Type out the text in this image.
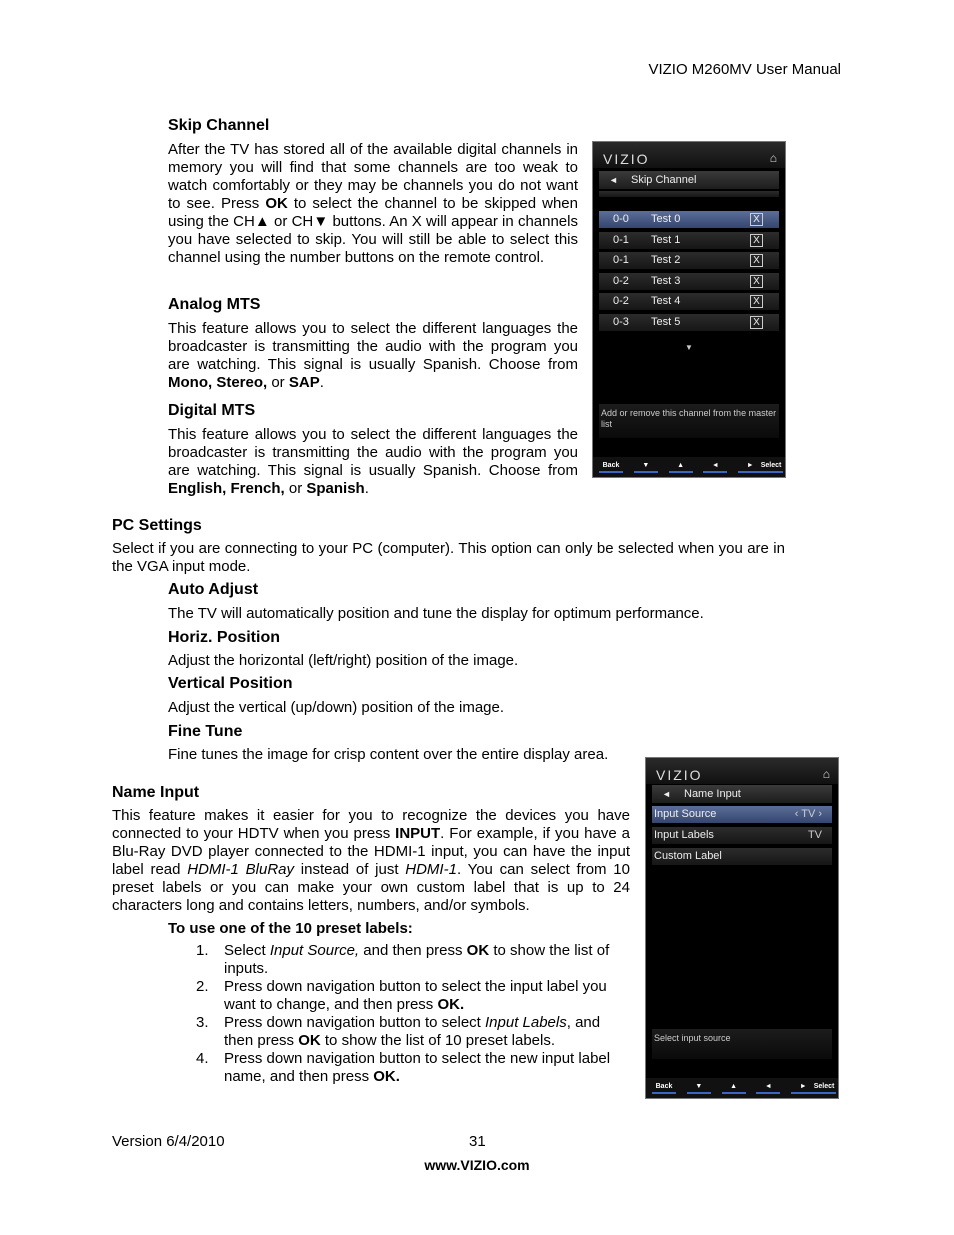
VIZIO M260MV User Manual
Skip Channel
After the TV has stored all of the available digital channels in memory you will find that some channels are too weak to watch comfortably or they may be channels you do not want to see. Press OK to select the channel to be skipped when using the CH▲ or CH▼ buttons. An X will appear in channels you have selected to skip. You will still be able to select this channel using the number buttons on the remote control.
Analog MTS
This feature allows you to select the different languages the broadcaster is transmitting the audio with the program you are watching. This signal is usually Spanish. Choose from Mono, Stereo, or SAP.
Digital MTS
This feature allows you to select the different languages the broadcaster is transmitting the audio with the program you are watching. This signal is usually Spanish. Choose from English, French, or Spanish.
VIZIO	⌂
◄ Skip Channel
0-0 Test 0	X
0-1 Test 1	X
0-1 Test 2	X
0-2 Test 3	X
0-2 Test 4	X
0-3 Test 5	X
▼
Add or remove this channel from the master list
Back	▼	▲	◄	►	Select
PC Settings
Select if you are connecting to your PC (computer). This option can only be selected when you are in the VGA input mode.
Auto Adjust
The TV will automatically position and tune the display for optimum performance.
Horiz. Position
Adjust the horizontal (left/right) position of the image.
Vertical Position
Adjust the vertical (up/down) position of the image.
Fine Tune
Fine tunes the image for crisp content over the entire display area.
Name Input
This feature makes it easier for you to recognize the devices you have connected to your HDTV when you press INPUT. For example, if you have a Blu-Ray DVD player connected to the HDMI-1 input, you can have the input label read HDMI-1 BluRay instead of just HDMI-1. You can select from 10 preset labels or you can make your own custom label that is up to 24 characters long and contains letters, numbers, and/or symbols.
To use one of the 10 preset labels:
1. Select Input Source, and then press OK to show the list of inputs.
2. Press down navigation button to select the input label you want to change, and then press OK.
3. Press down navigation button to select Input Labels, and then press OK to show the list of 10 preset labels.
4. Press down navigation button to select the new input label name, and then press OK.
VIZIO	⌂
◄ Name Input
Input Source	‹ TV ›
Input Labels	TV
Custom Label
Select input source
Back	▼	▲	◄	►	Select
Version 6/4/2010	31
www.VIZIO.com
